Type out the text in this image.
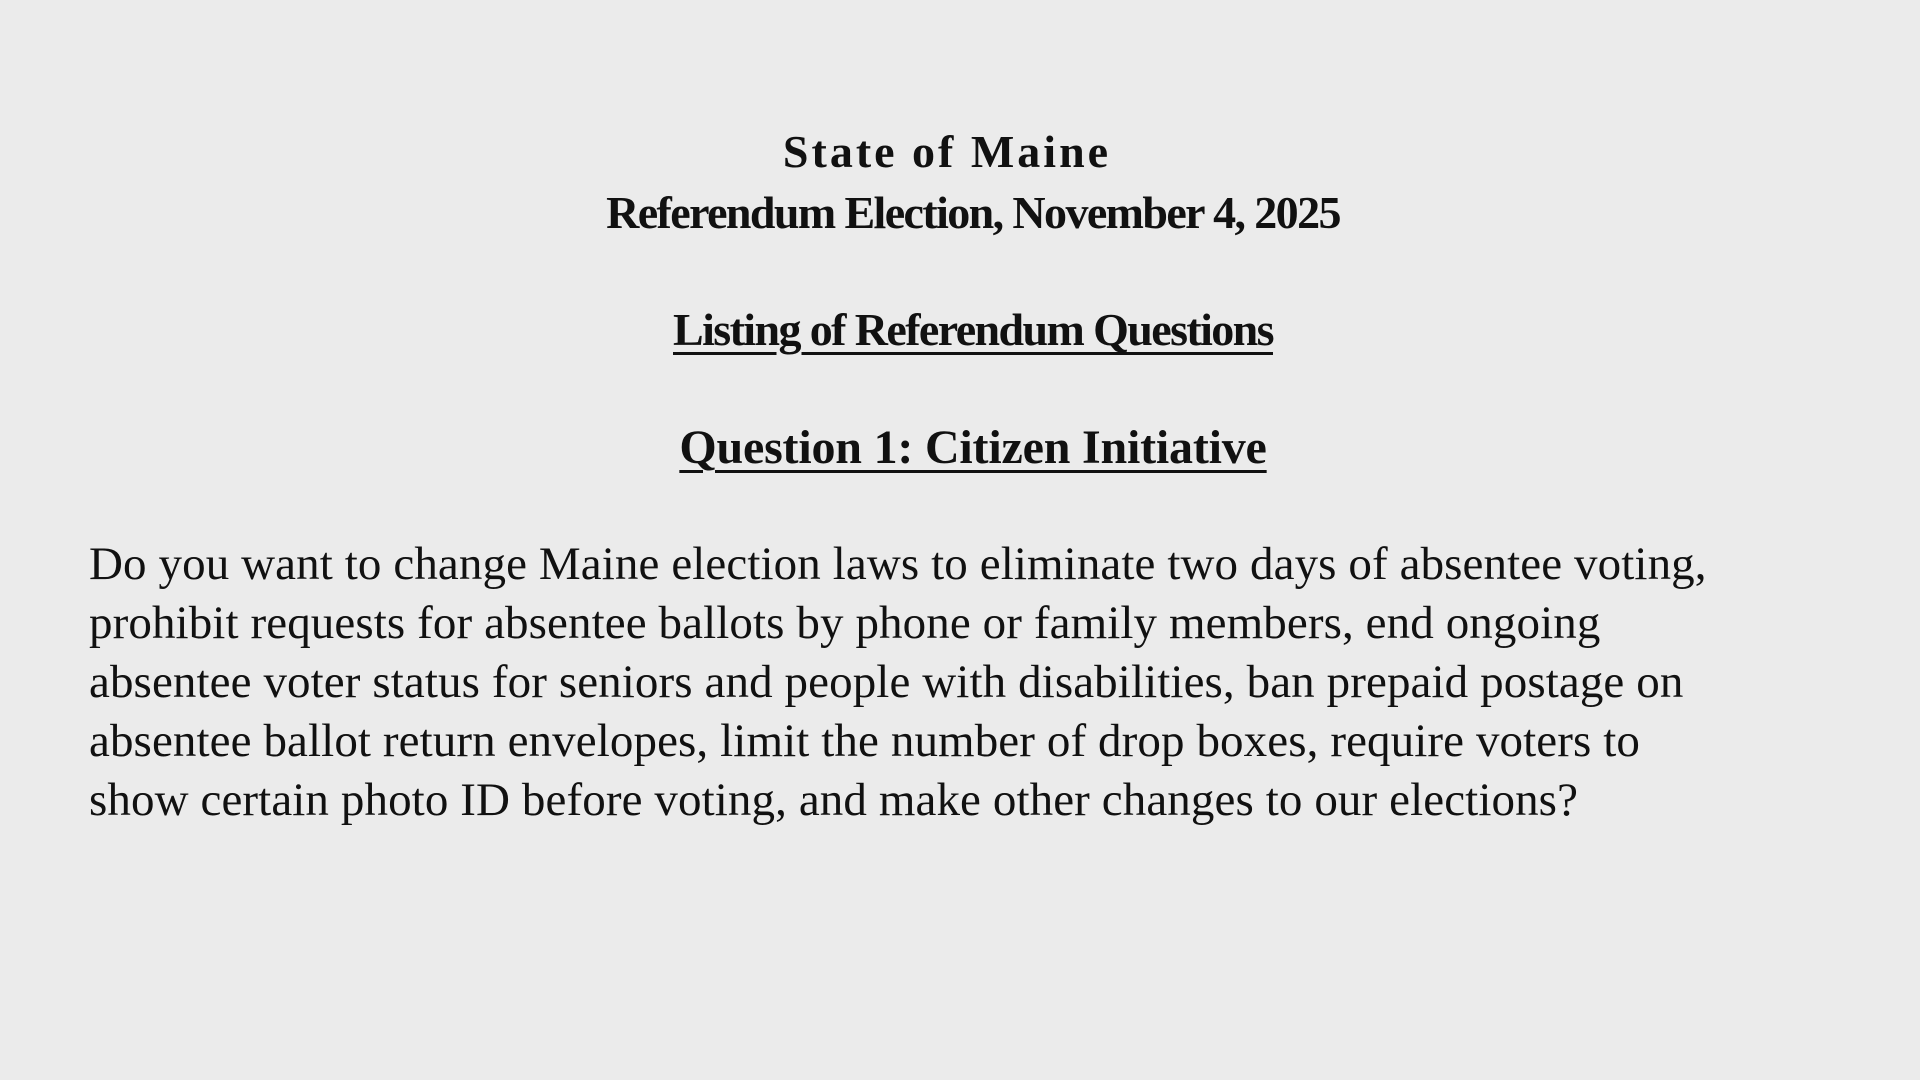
State of Maine
Referendum Election, November 4, 2025
Listing of Referendum Questions
Question 1: Citizen Initiative

Do you want to change Maine election laws to eliminate two days of absentee voting,
prohibit requests for absentee ballots by phone or family members, end ongoing
absentee voter status for seniors and people with disabilities, ban prepaid postage on
absentee ballot return envelopes, limit the number of drop boxes, require voters to
show certain photo ID before voting, and make other changes to our elections?
